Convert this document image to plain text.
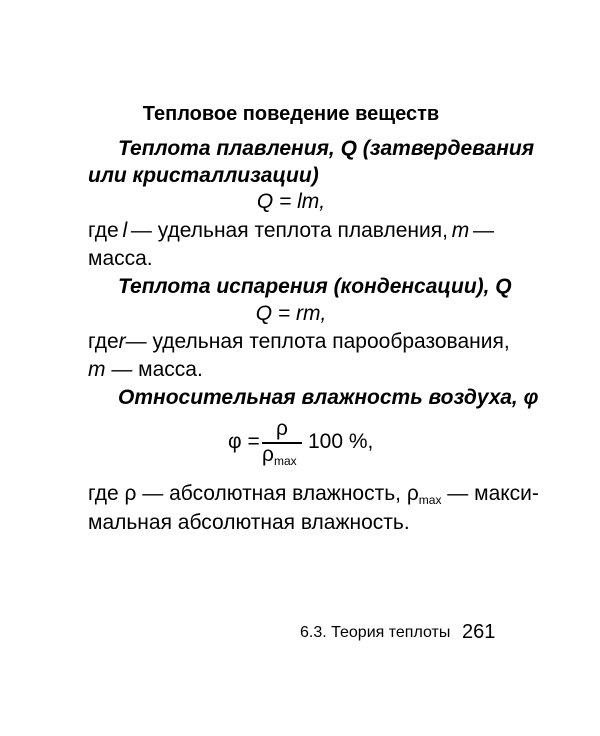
Тепловое поведение веществ
Теплота плавления, Q (затвердевания
или кристаллизации)
Q = lm,
где l — удельная теплота плавления, m —
масса.
Теплота испарения (конденсации), Q
Q = rm,
где r — удельная теплота парообразования,
m — масса.
Относительная влажность воздуха, φ
φ =
ρ
$\rho_{max}$
100 %,
где ρ — абсолютная влажность, $\rho_{max}$ — макси-
мальная абсолютная влажность.
6.3. Теория теплоты 261
